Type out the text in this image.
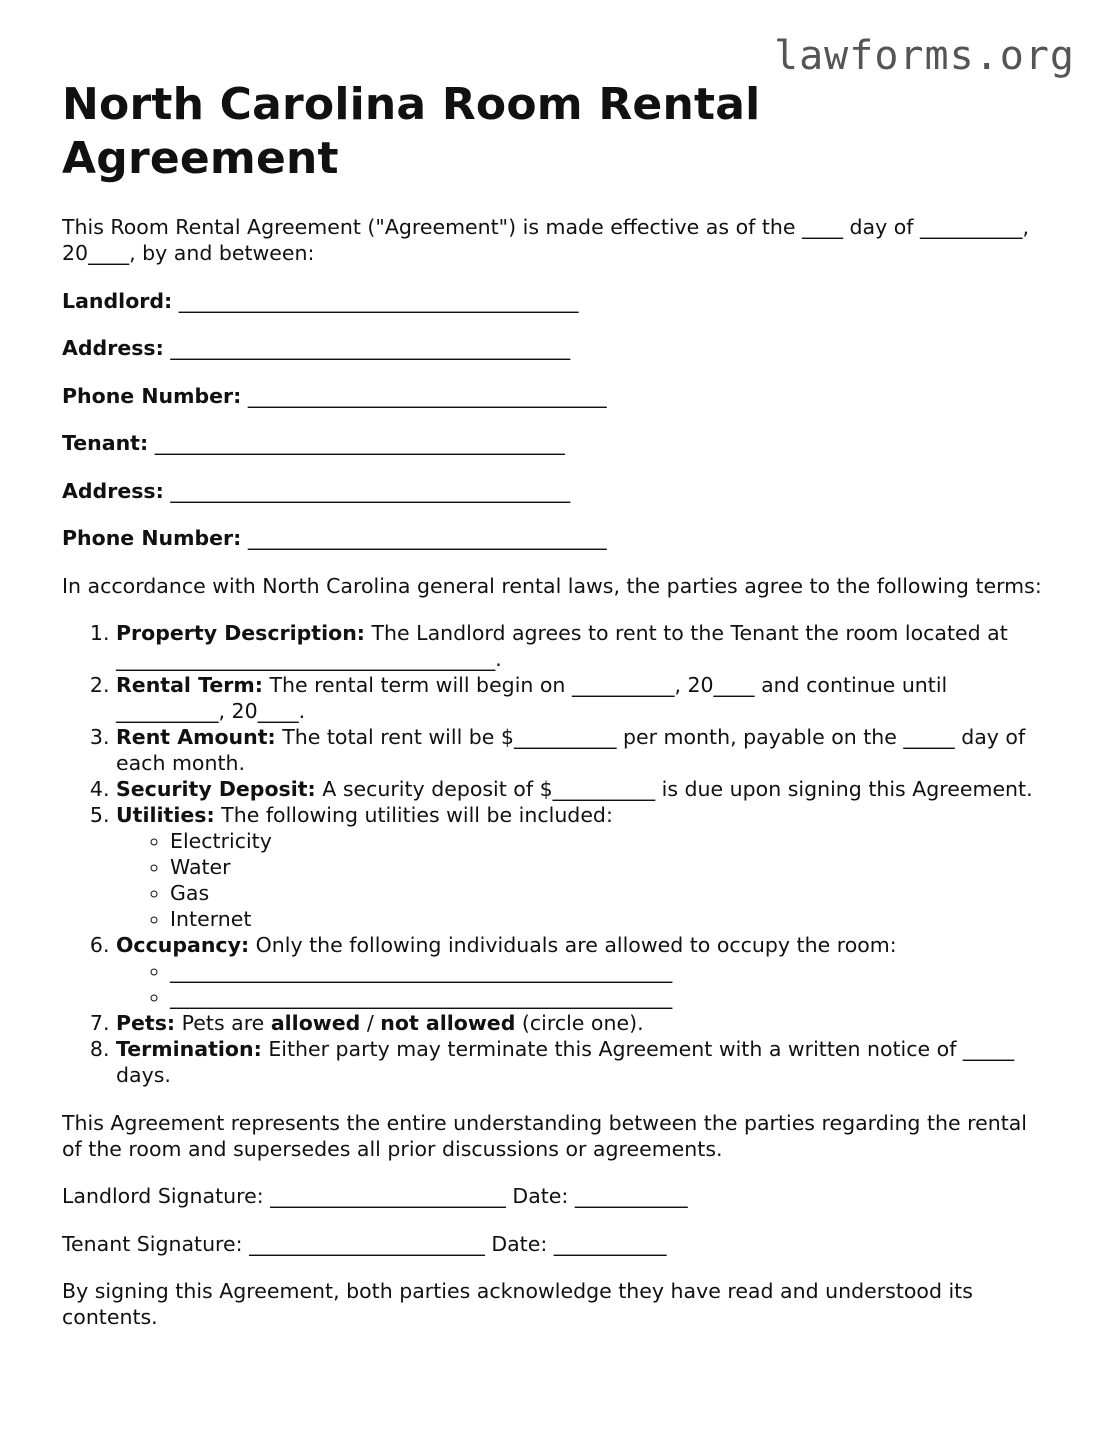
lawforms.org
North Carolina Room Rental Agreement

This Room Rental Agreement ("Agreement") is made effective as of the ____ day of __________, 20____, by and between:

Landlord: _______________________________________

Address: _______________________________________

Phone Number: ___________________________________

Tenant: ________________________________________

Address: _______________________________________

Phone Number: ___________________________________

In accordance with North Carolina general rental laws, the parties agree to the following terms:

1. Property Description: The Landlord agrees to rent to the Tenant the room located at _____________________________________.
2. Rental Term: The rental term will begin on __________, 20____ and continue until __________, 20____.
3. Rent Amount: The total rent will be $__________ per month, payable on the _____ day of each month.
4. Security Deposit: A security deposit of $__________ is due upon signing this Agreement.
5. Utilities: The following utilities will be included:
◦ Electricity
◦ Water
◦ Gas
◦ Internet
6. Occupancy: Only the following individuals are allowed to occupy the room:
◦ _________________________________________________
◦ _________________________________________________
7. Pets: Pets are allowed / not allowed (circle one).
8. Termination: Either party may terminate this Agreement with a written notice of _____ days.

This Agreement represents the entire understanding between the parties regarding the rental of the room and supersedes all prior discussions or agreements.

Landlord Signature: _______________________ Date: ___________

Tenant Signature: _______________________ Date: ___________

By signing this Agreement, both parties acknowledge they have read and understood its contents.
